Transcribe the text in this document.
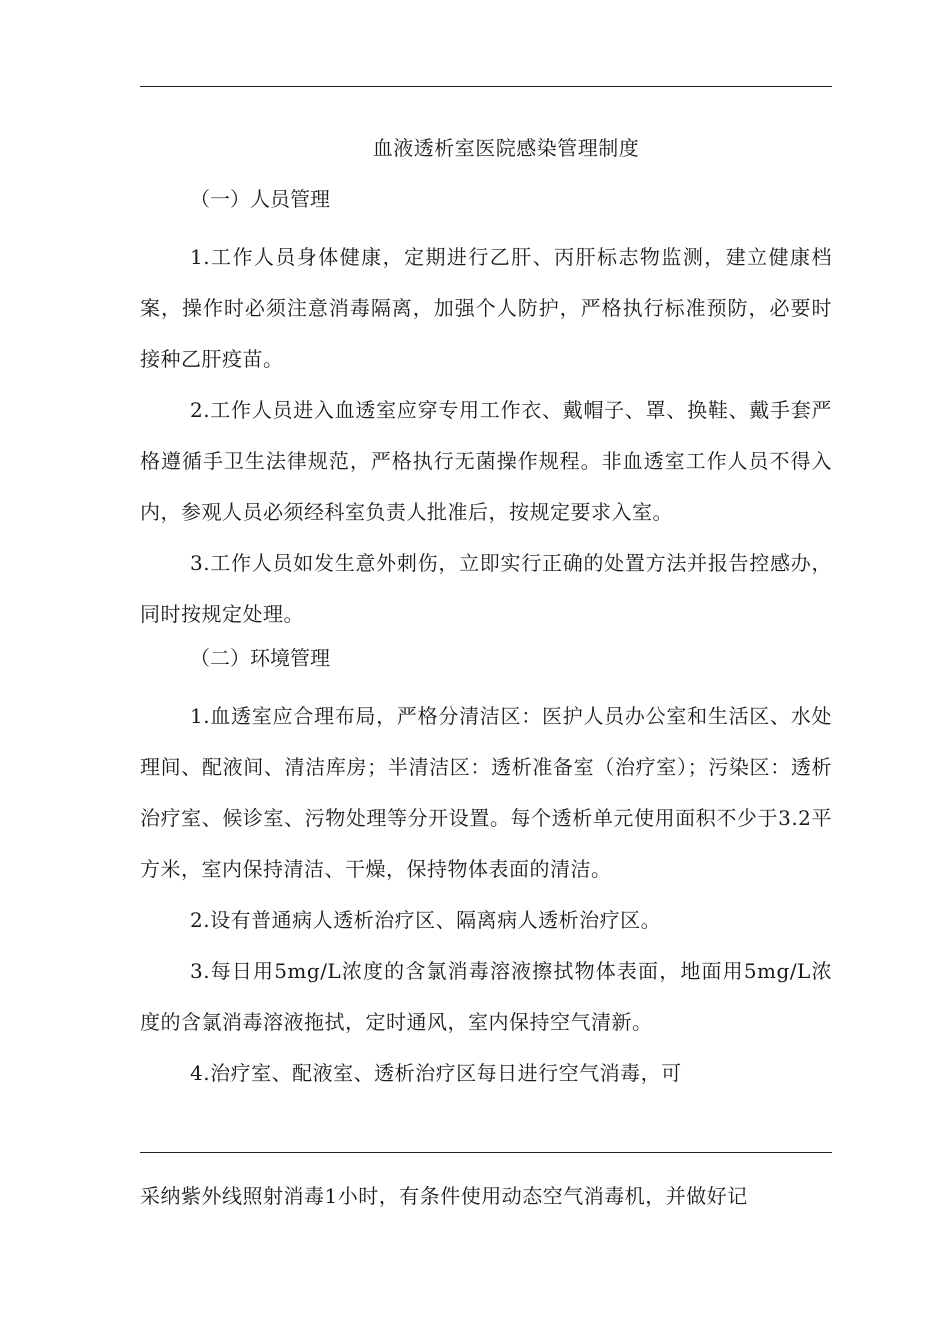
血液透析室医院感染管理制度

（一）人员管理

1.工作人员身体健康，定期进行乙肝、丙肝标志物监测，建立健康档案，操作时必须注意消毒隔离，加强个人防护，严格执行标准预防，必要时接种乙肝疫苗。

2.工作人员进入血透室应穿专用工作衣、戴帽子、罩、换鞋、戴手套严格遵循手卫生法律规范，严格执行无菌操作规程。非血透室工作人员不得入内，参观人员必须经科室负责人批准后，按规定要求入室。

3.工作人员如发生意外刺伤，立即实行正确的处置方法并报告控感办，同时按规定处理。

（二）环境管理

1.血透室应合理布局，严格分清洁区：医护人员办公室和生活区、水处理间、配液间、清洁库房；半清洁区：透析准备室（治疗室）；污染区：透析治疗室、候诊室、污物处理等分开设置。每个透析单元使用面积不少于3.2平方米，室内保持清洁、干燥，保持物体表面的清洁。

2.设有普通病人透析治疗区、隔离病人透析治疗区。

3.每日用5mg/L浓度的含氯消毒溶液擦拭物体表面，地面用5mg/L浓度的含氯消毒溶液拖拭，定时通风，室内保持空气清新。

4.治疗室、配液室、透析治疗区每日进行空气消毒，可

采纳紫外线照射消毒1小时，有条件使用动态空气消毒机，并做好记
